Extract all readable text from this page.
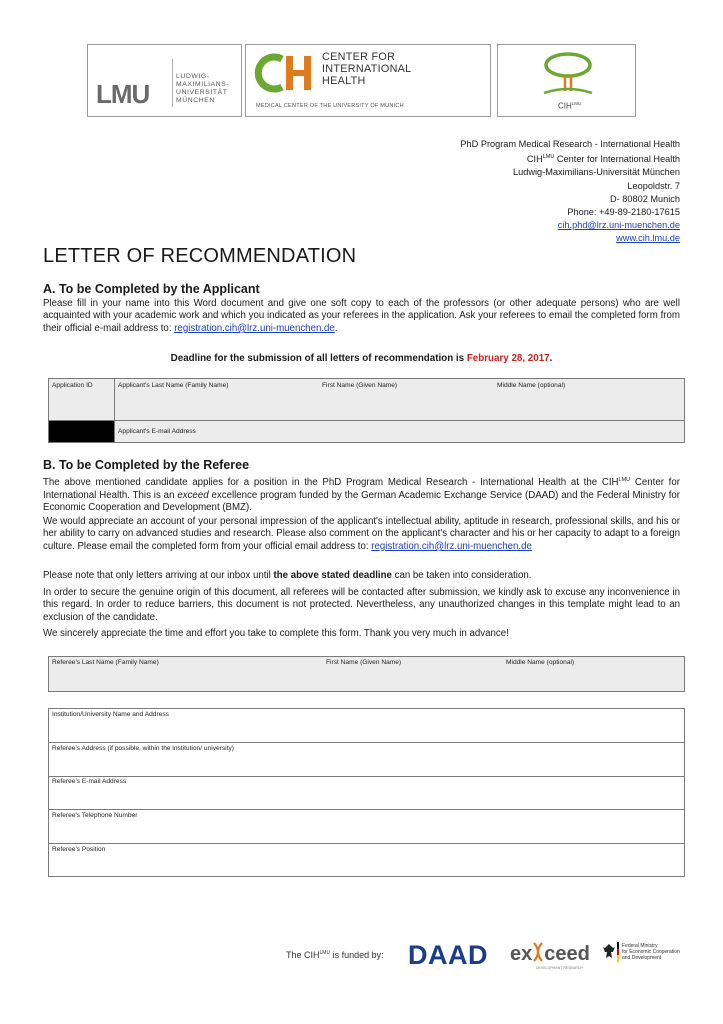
LMU
LUDWIG-
MAXIMILIANS-
UNIVERSITÄT
MÜNCHEN
CENTER FOR
INTERNATIONAL
HEALTH
MEDICAL CENTER OF THE UNIVERSITY OF MUNICH	$CIH^{LMU}$
PhD Program Medical Research - International Health
$CIH^{LMU}$ Center for International Health
Ludwig-Maximilians-Universität München
Leopoldstr. 7
D- 80802 Munich
Phone: +49-89-2180-17615
cih.phd@lrz.uni-muenchen.de
www.cih.lmu.de
LETTER OF RECOMMENDATION
A. To be Completed by the Applicant
Please fill in your name into this Word document and give one soft copy to each of the professors (or other adequate persons) who are well acquainted with your academic work and which you indicated as your referees in the application. Ask your referees to email the completed form from their official e-mail address to: registration.cih@lrz.uni-muenchen.de.
Deadline for the submission of all letters of recommendation is February 28, 2017.
Application ID	Applicant's Last Name (Family Name)	First Name (Given Name)	Middle Name (optional)
Applicant's E-mail Address
B. To be Completed by the Referee
The above mentioned candidate applies for a position in the PhD Program Medical Research - International Health at the $CIH^{LMU}$ Center for International Health. This is an exceed excellence program funded by the German Academic Exchange Service (DAAD) and the Federal Ministry for Economic Cooperation and Development (BMZ).
We would appreciate an account of your personal impression of the applicant's intellectual ability, aptitude in research, professional skills, and his or her ability to carry on advanced studies and research. Please also comment on the applicant's character and his or her capacity to adapt to a foreign culture. Please email the completed form from your official email address to: registration.cih@lrz.uni-muenchen.de
Please note that only letters arriving at our inbox until the above stated deadline can be taken into consideration.
In order to secure the genuine origin of this document, all referees will be contacted after submission, we kindly ask to excuse any inconvenience in this regard. In order to reduce barriers, this document is not protected. Nevertheless, any unauthorized changes in this template might lead to an exclusion of the candidate.
We sincerely appreciate the time and effort you take to complete this form. Thank you very much in advance!
Referee's Last Name (Family Name)	First Name (Given Name)	Middle Name (optional)
Institution/University Name and Address
Referee's Address (if possible, within the institution/ university)
Referee's E-mail Address
Referee's Telephone Number
Referee's Position
The $CIH^{LMU}$ is funded by: DAAD ex ceed
DEVELOPMENT RESEARCH
Federal Ministry
for Economic Cooperation
and Development
